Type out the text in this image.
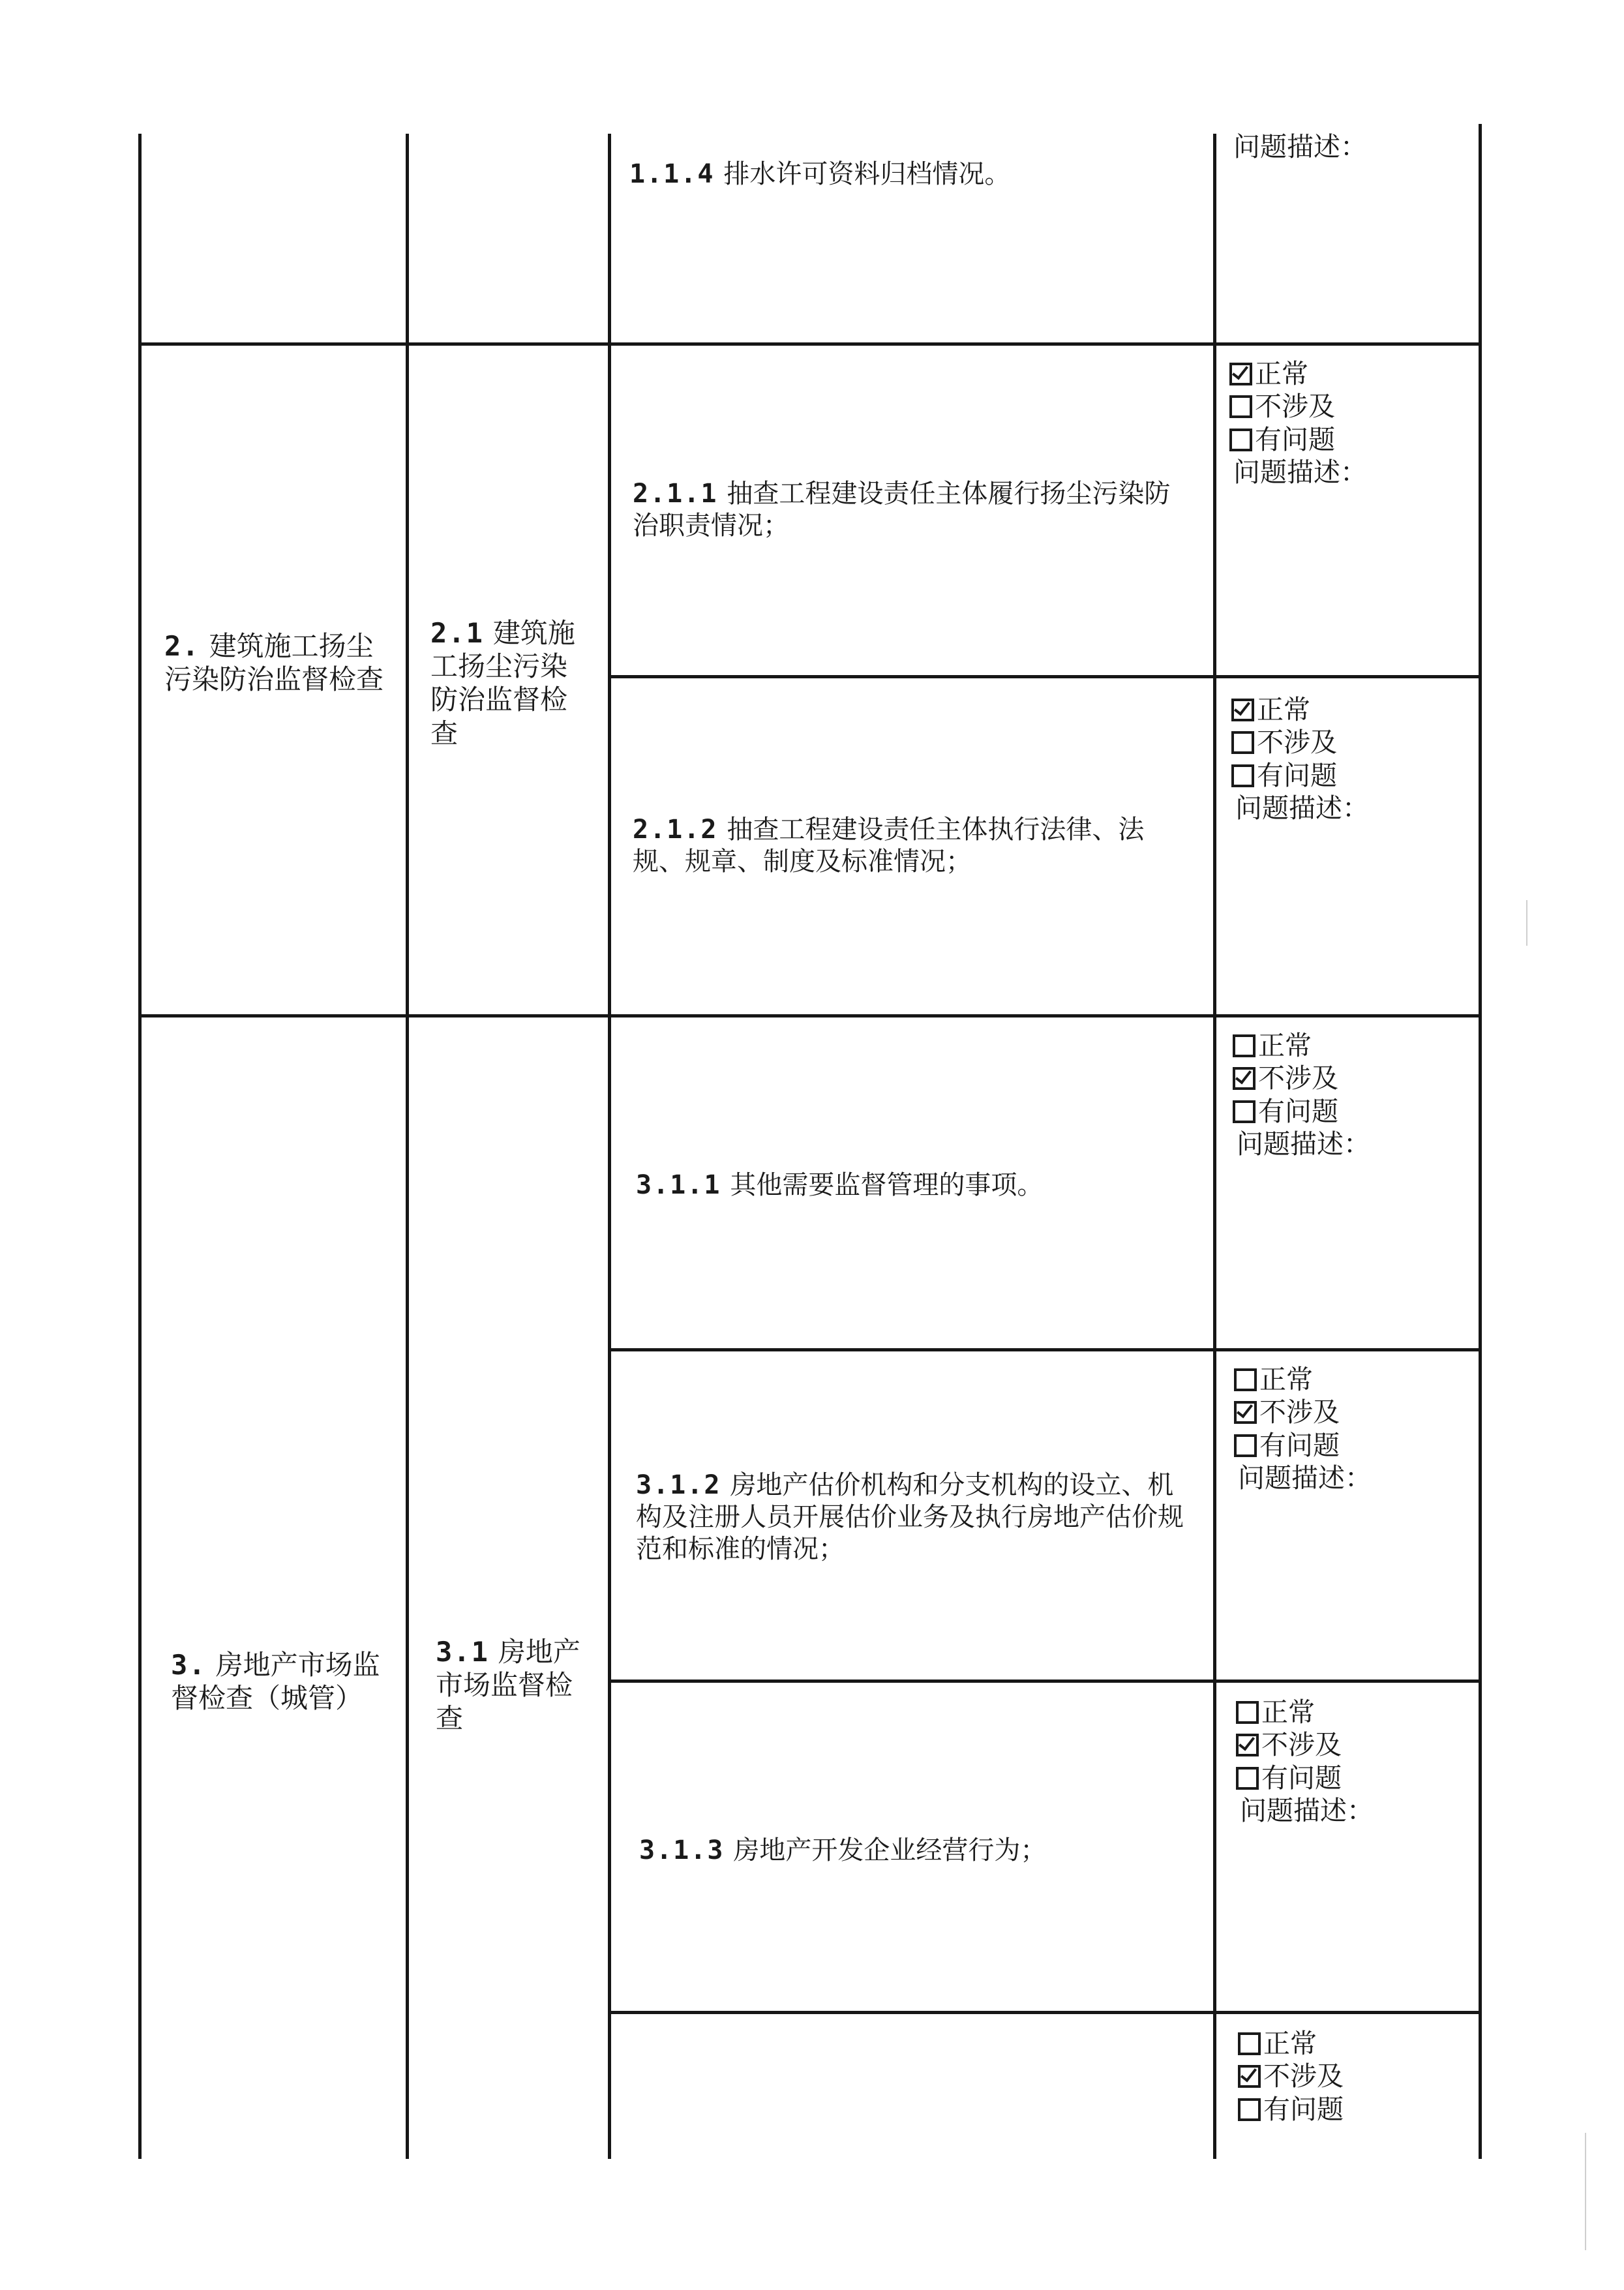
2. 建筑施工扬尘污染防治监督检查
3. 房地产市场监督检查（城管）
2.1 建筑施工扬尘污染防治监督检查
3.1 房地产市场监督检查
1.1.4 排水许可资料归档情况。
2.1.1 抽查工程建设责任主体履行扬尘污染防治职责情况；
2.1.2 抽查工程建设责任主体执行法律、法规、规章、制度及标准情况；
3.1.1 其他需要监督管理的事项。
3.1.2 房地产估价机构和分支机构的设立、机构及注册人员开展估价业务及执行房地产估价规范和标准的情况；
3.1.3 房地产开发企业经营行为；
问题描述：
正常
不涉及
有问题
问题描述：
正常
不涉及
有问题
问题描述：
正常
不涉及
有问题
问题描述：
正常
不涉及
有问题
问题描述：
正常
不涉及
有问题
问题描述：
正常
不涉及
有问题
